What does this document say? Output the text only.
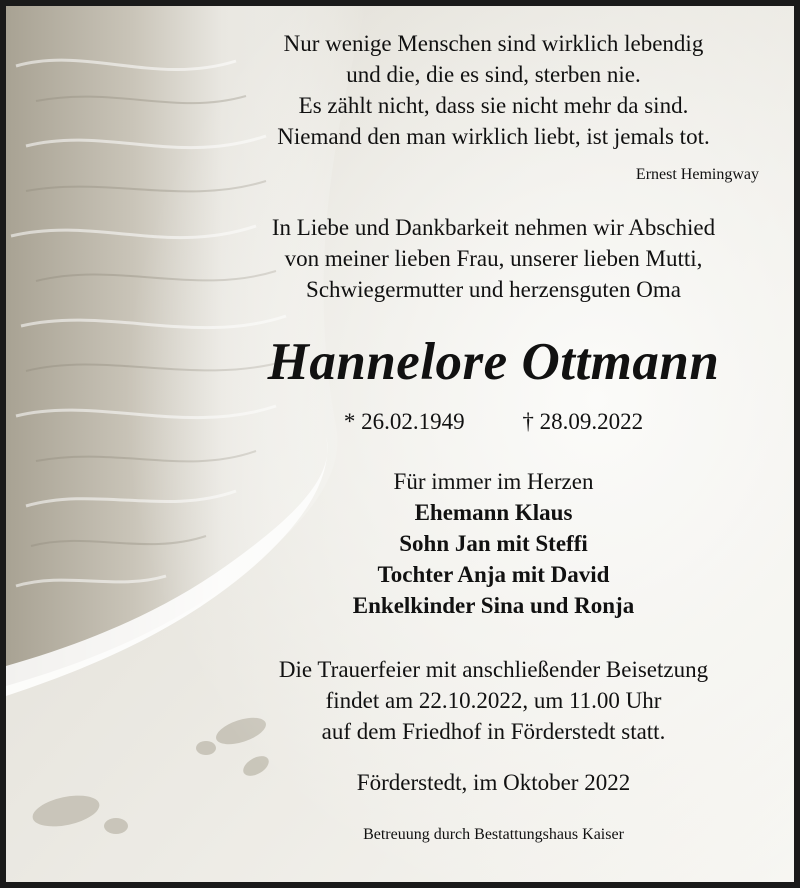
Nur wenige Menschen sind wirklich lebendig
und die, die es sind, sterben nie.
Es zählt nicht, dass sie nicht mehr da sind.
Niemand den man wirklich liebt, ist jemals tot.
Ernest Hemingway
In Liebe und Dankbarkeit nehmen wir Abschied
von meiner lieben Frau, unserer lieben Mutti,
Schwiegermutter und herzensguten Oma
Hannelore Ottmann
* 26.02.1949	† 28.09.2022
Für immer im Herzen
Ehemann Klaus
Sohn Jan mit Steffi
Tochter Anja mit David
Enkelkinder Sina und Ronja
Die Trauerfeier mit anschließender Beisetzung
findet am 22.10.2022, um 11.00 Uhr
auf dem Friedhof in Förderstedt statt.
Förderstedt, im Oktober 2022
Betreuung durch Bestattungshaus Kaiser
